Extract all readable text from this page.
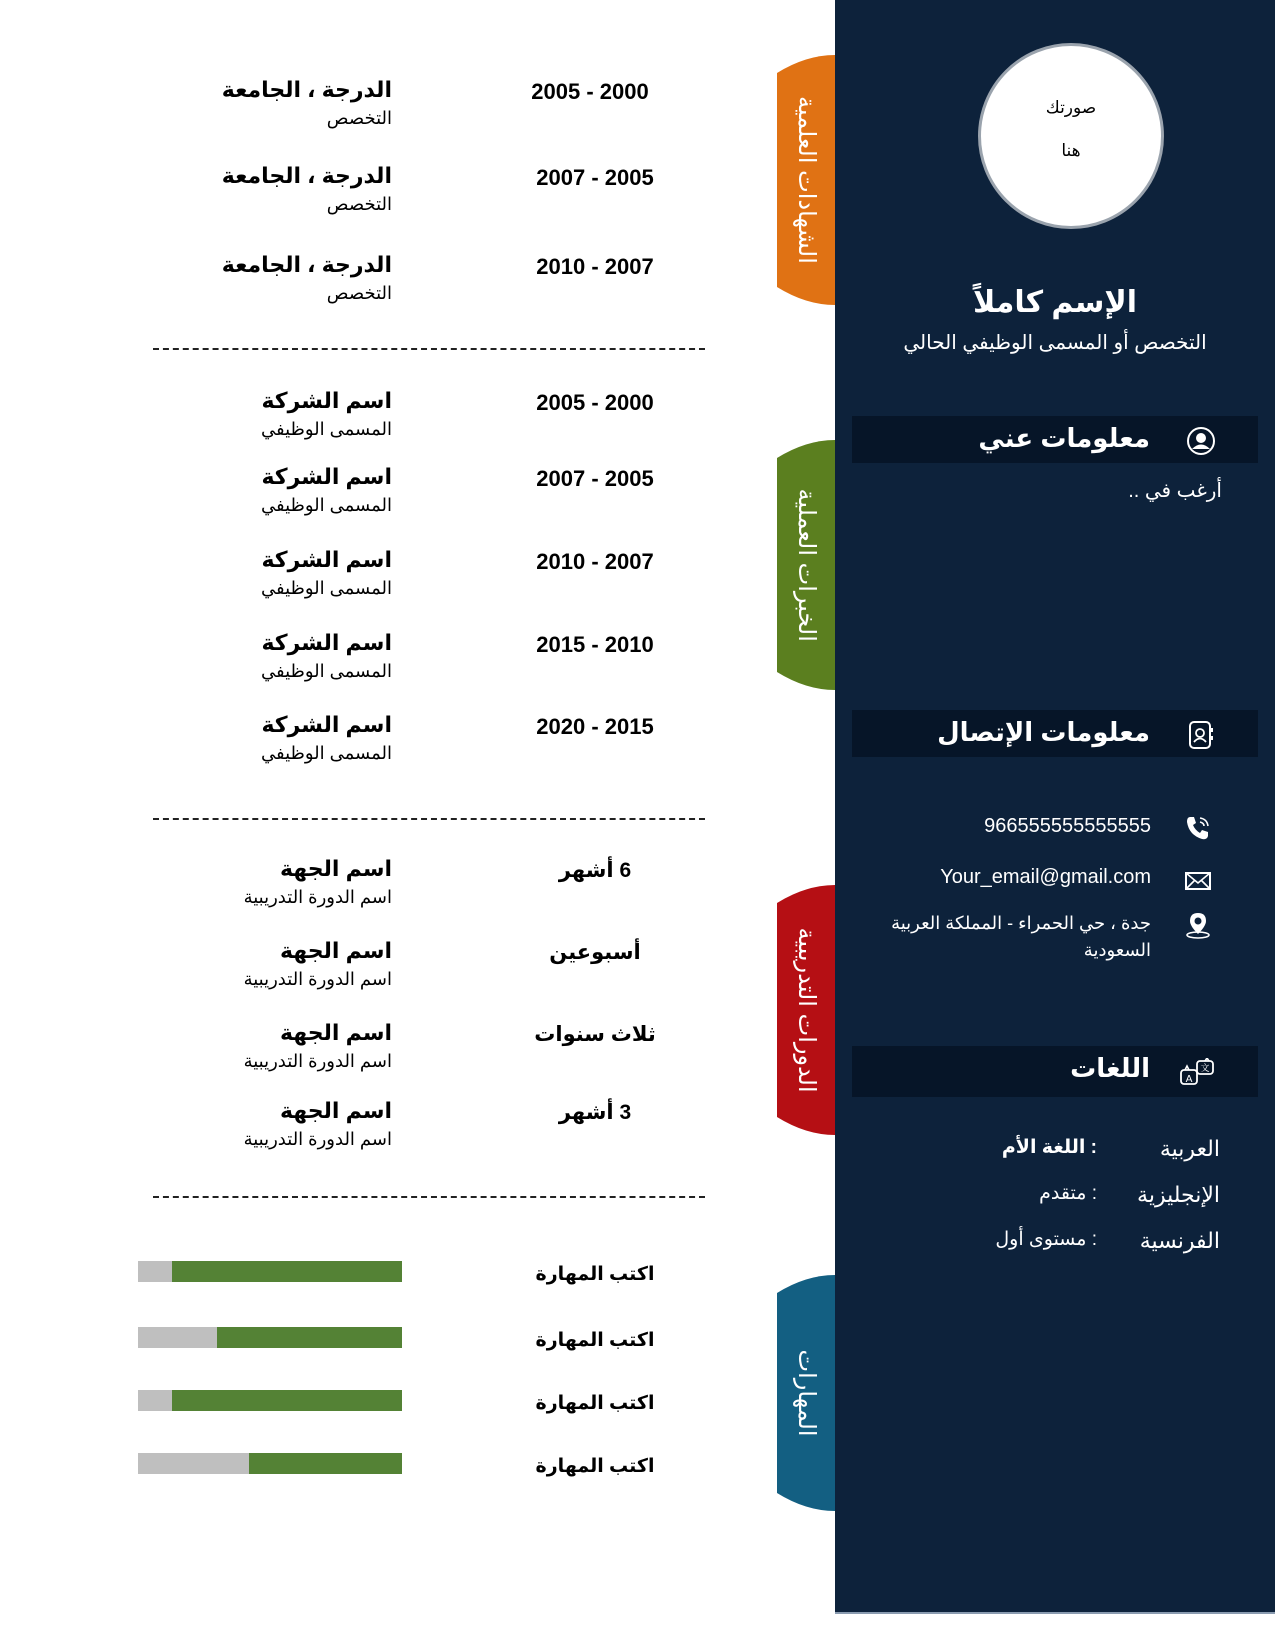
صورتك
هنا
الإسم كاملاً
التخصص أو المسمى الوظيفي الحالي
معلومات عني
أرغب في ..
معلومات الإتصال
966555555555555
Your_email@gmail.com
جدة ، حي الحمراء - المملكة العربية
السعودية
A
文
اللغات
العربية
: اللغة الأم
الإنجليزية
: متقدم
الفرنسية
: مستوى أول
الشهادات العلمية
الخبرات العملية
الدورات التدريبية
المهارات
2005 - 2000
الدرجة ، الجامعة
التخصص
2007 - 2005
الدرجة ، الجامعة
التخصص
2010 - 2007
الدرجة ، الجامعة
التخصص
2005 - 2000
اسم الشركة
المسمى الوظيفي
2007 - 2005
اسم الشركة
المسمى الوظيفي
2010 - 2007
اسم الشركة
المسمى الوظيفي
2015 - 2010
اسم الشركة
المسمى الوظيفي
2020 - 2015
اسم الشركة
المسمى الوظيفي
6 أشهر
اسم الجهة
اسم الدورة التدريبية
أسبوعين
اسم الجهة
اسم الدورة التدريبية
ثلاث سنوات
اسم الجهة
اسم الدورة التدريبية
3 أشهر
اسم الجهة
اسم الدورة التدريبية
اكتب المهارة
اكتب المهارة
اكتب المهارة
اكتب المهارة
